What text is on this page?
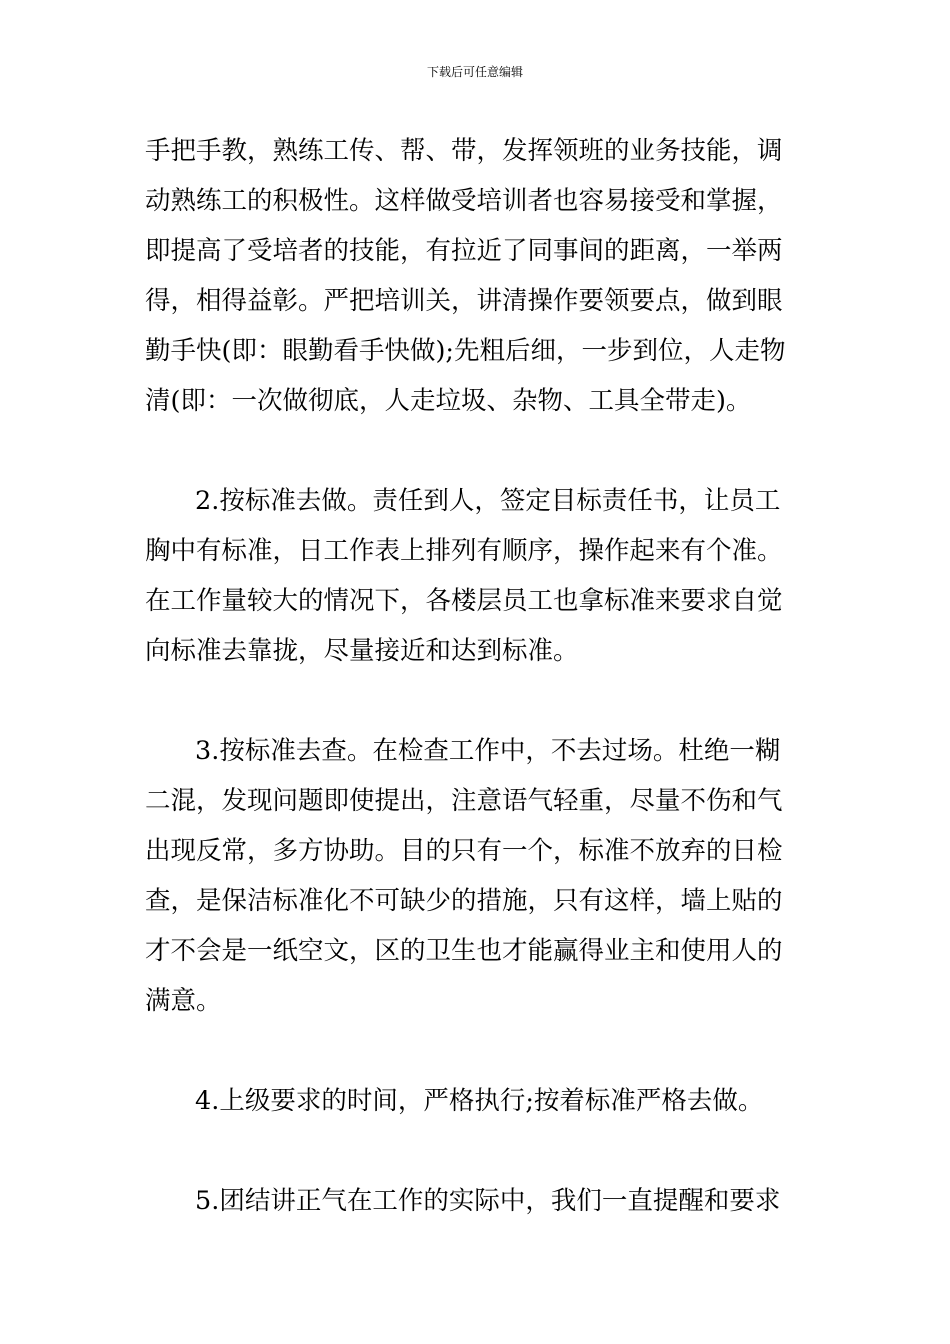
下载后可任意编辑
手把手教，熟练工传、帮、带，发挥领班的业务技能，调
动熟练工的积极性。这样做受培训者也容易接受和掌握，
即提高了受培者的技能，有拉近了同事间的距离，一举两
得，相得益彰。严把培训关，讲清操作要领要点，做到眼
勤手快(即：眼勤看手快做);先粗后细，一步到位，人走物
清(即：一次做彻底，人走垃圾、杂物、工具全带走)。
2.按标准去做。责任到人，签定目标责任书，让员工
胸中有标准，日工作表上排列有顺序，操作起来有个准。
在工作量较大的情况下，各楼层员工也拿标准来要求自觉
向标准去靠拢，尽量接近和达到标准。
3.按标准去查。在检查工作中，不去过场。杜绝一糊
二混，发现问题即使提出，注意语气轻重，尽量不伤和气
出现反常，多方协助。目的只有一个，标准不放弃的日检
查，是保洁标准化不可缺少的措施，只有这样，墙上贴的
才不会是一纸空文，区的卫生也才能赢得业主和使用人的
满意。
4.上级要求的时间，严格执行;按着标准严格去做。
5.团结讲正气在工作的实际中，我们一直提醒和要求
